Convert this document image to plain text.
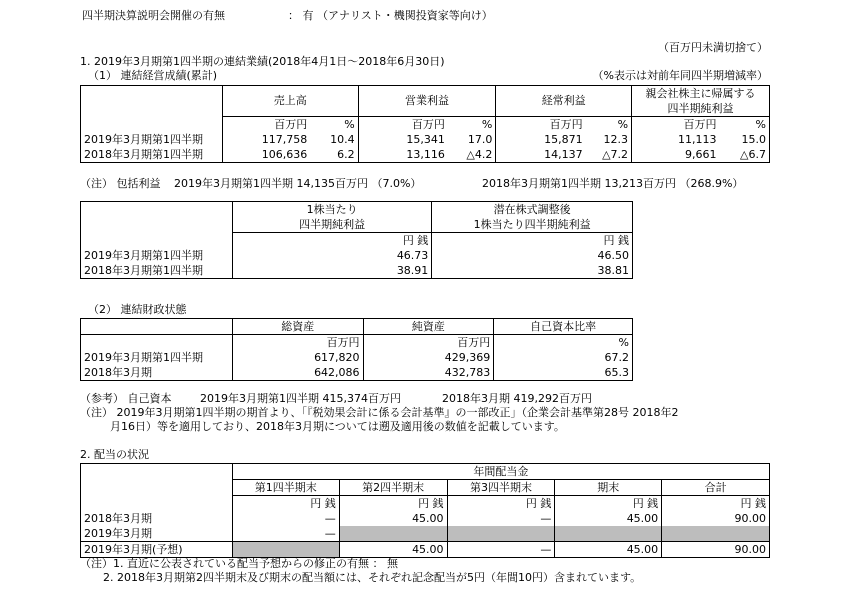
四半期決算説明会開催の有無	： 有 （アナリスト・機関投資家等向け）
（百万円未満切捨て）
1. 2019年3月期第1四半期の連結業績(2018年4月1日～2018年6月30日)
（1） 連結経営成績(累計)	（%表示は対前年同四半期増減率）
	売上高		営業利益		経常利益		親会社株主に帰属する	
							四半期純利益	
	百万円	%	百万円	%	百万円	%	百万円	%
2019年3月期第1四半期	117,758	10.4	15,341	17.0	15,871	12.3	11,113	15.0
2018年3月期第1四半期	106,636	6.2	13,116	△4.2	14,137	△7.2	9,661	△6.7
（注） 包括利益 2019年3月期第1四半期 14,135百万円 （7.0%）	2018年3月期第1四半期 13,213百万円 （268.9%）
	1株当たり	潜在株式調整後
	四半期純利益	1株当たり四半期純利益
	円 銭	円 銭
2019年3月期第1四半期	46.73	46.50
2018年3月期第1四半期	38.91	38.81
（2） 連結財政状態
	総資産	純資産	自己資本比率
	百万円	百万円	%
2019年3月期第1四半期	617,820	429,369	67.2
2018年3月期	642,086	432,783	65.3
（参考） 自己資本	2019年3月期第1四半期 415,374百万円	2018年3月期 419,292百万円
（注） 2019年3月期第1四半期の期首より、「『税効果会計に係る会計基準』の一部改正」（企業会計基準第28号 2018年2
月16日）等を適用しており、2018年3月期については遡及適用後の数値を記載しています。
2. 配当の状況
	年間配当金				
	第1四半期末	第2四半期末	第3四半期末	期末	合計
	円 銭	円 銭	円 銭	円 銭	円 銭
2018年3月期	—	45.00	—	45.00	90.00
2019年3月期	—				
2019年3月期(予想)		45.00	—	45.00	90.00
（注）1. 直近に公表されている配当予想からの修正の有無 ： 無
2. 2018年3月期第2四半期末及び期末の配当額には、それぞれ記念配当が5円（年間10円）含まれています。
